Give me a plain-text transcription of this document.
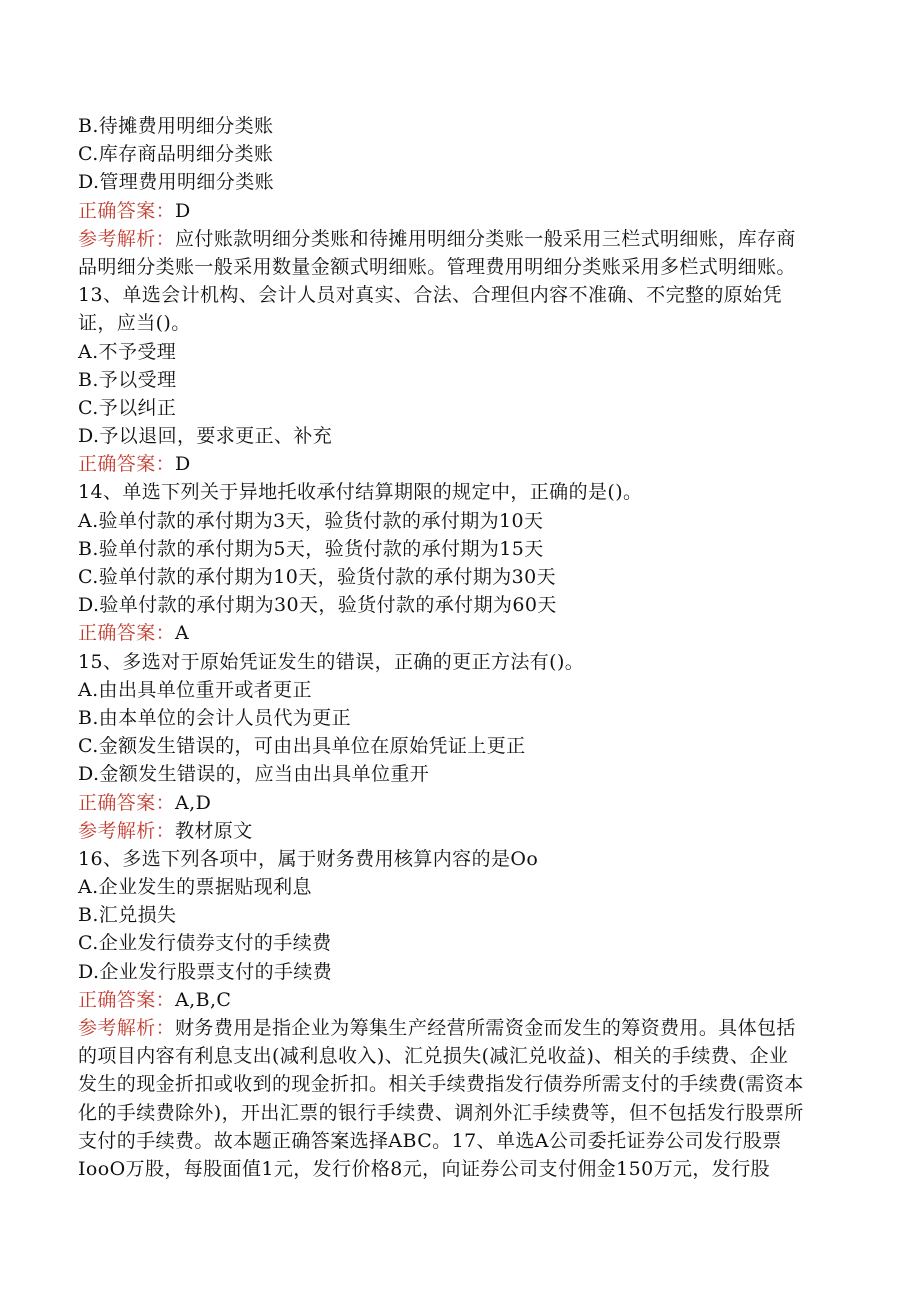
B.待摊费用明细分类账
C.库存商品明细分类账
D.管理费用明细分类账
正确答案：D
参考解析：应付账款明细分类账和待摊用明细分类账一般采用三栏式明细账，库存商
品明细分类账一般采用数量金额式明细账。管理费用明细分类账采用多栏式明细账。
13、单选会计机构、会计人员对真实、合法、合理但内容不准确、不完整的原始凭
证，应当()。
A.不予受理
B.予以受理
C.予以纠正
D.予以退回，要求更正、补充
正确答案：D
14、单选下列关于异地托收承付结算期限的规定中，正确的是()。
A.验单付款的承付期为3天，验货付款的承付期为10天
B.验单付款的承付期为5天，验货付款的承付期为15天
C.验单付款的承付期为10天，验货付款的承付期为30天
D.验单付款的承付期为30天，验货付款的承付期为60天
正确答案：A
15、多选对于原始凭证发生的错误，正确的更正方法有()。
A.由出具单位重开或者更正
B.由本单位的会计人员代为更正
C.金额发生错误的，可由出具单位在原始凭证上更正
D.金额发生错误的，应当由出具单位重开
正确答案：A,D
参考解析：教材原文
16、多选下列各项中，属于财务费用核算内容的是Oo
A.企业发生的票据贴现利息
B.汇兑损失
C.企业发行债券支付的手续费
D.企业发行股票支付的手续费
正确答案：A,B,C
参考解析：财务费用是指企业为筹集生产经营所需资金而发生的筹资费用。具体包括
的项目内容有利息支出(减利息收入)、汇兑损失(减汇兑收益)、相关的手续费、企业
发生的现金折扣或收到的现金折扣。相关手续费指发行债券所需支付的手续费(需资本
化的手续费除外)，开出汇票的银行手续费、调剂外汇手续费等，但不包括发行股票所
支付的手续费。故本题正确答案选择ABC。17、单选A公司委托证券公司发行股票
IooO万股，每股面值1元，发行价格8元，向证券公司支付佣金150万元，发行股
